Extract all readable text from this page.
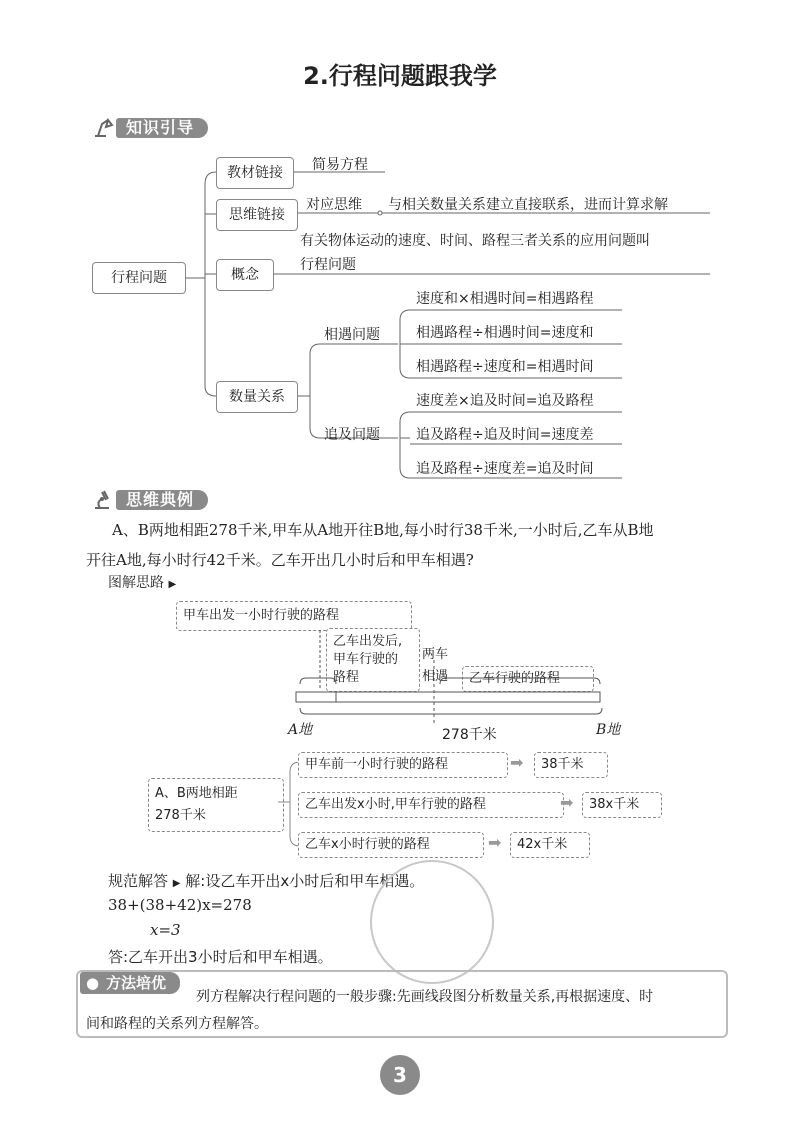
2.行程问题跟我学
知识引导
行程问题
教材链接	简易方程
思维链接
对应思维 与相关数量关系建立直接联系，进而计算求解
概念
有关物体运动的速度、时间、路程三者关系的应用问题叫
行程问题
数量关系
相遇问题
追及问题
速度和×相遇时间=相遇路程
相遇路程÷相遇时间=速度和
相遇路程÷速度和=相遇时间
速度差×追及时间=追及路程
追及路程÷追及时间=速度差
追及路程÷速度差=追及时间
思维典例
A、B两地相距278千米,甲车从A地开往B地,每小时行38千米,一小时后,乙车从B地
开往A地,每小时行42千米。乙车开出几小时后和甲车相遇?
图解思路 ▶
甲车出发一小时行驶的路程
乙车出发后,
甲车行驶的
路程
两车
相遇	乙车行驶的路程
A地	B地
278千米
A、B两地相距
278千米
甲车前一小时行驶的路程	➡	38千米
乙车出发x小时,甲车行驶的路程	➡	38x千米
乙车x小时行驶的路程	➡	42x千米
规范解答 ▶ 解:设乙车开出x小时后和甲车相遇。
38+(38+42)x=278
x=3
答:乙车开出3小时后和甲车相遇。
● 方法培优
列方程解决行程问题的一般步骤:先画线段图分析数量关系,再根据速度、时
间和路程的关系列方程解答。
3
